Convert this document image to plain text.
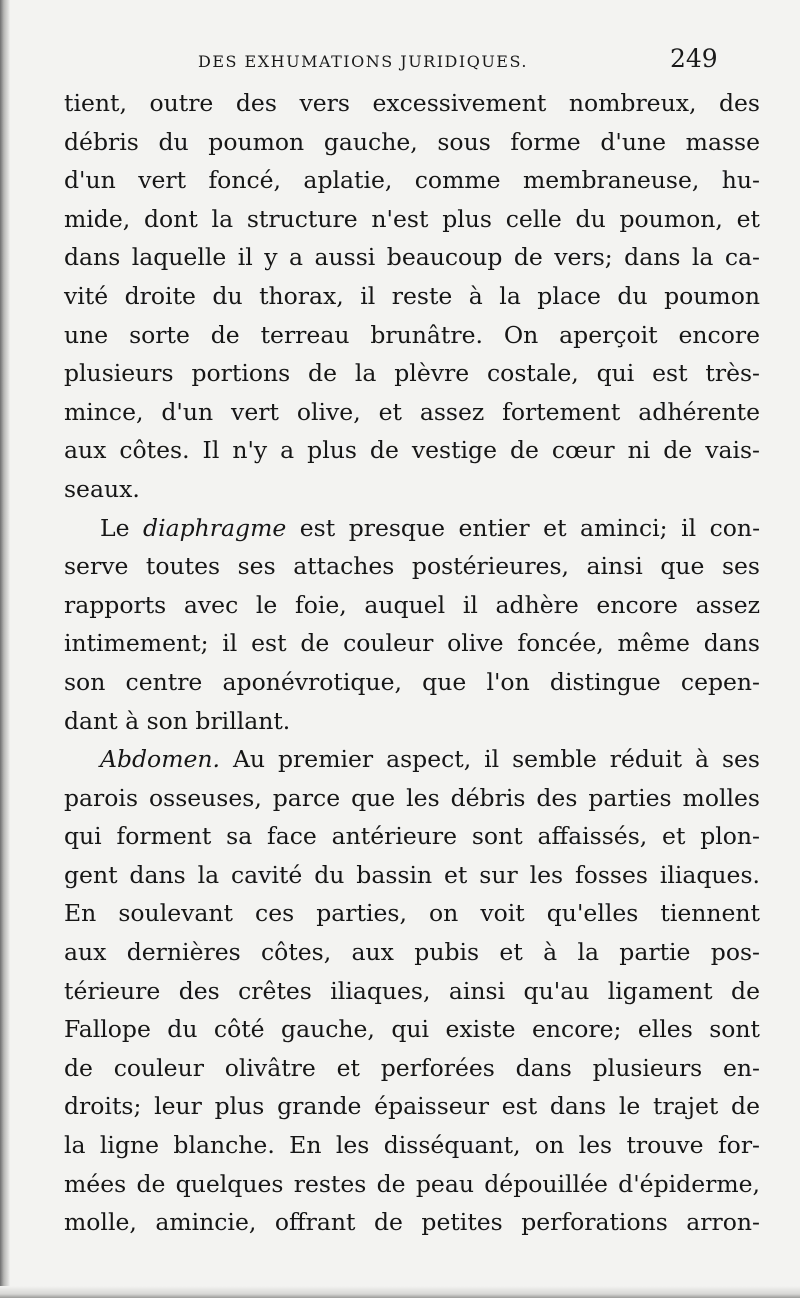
DES EXHUMATIONS JURIDIQUES.	249
tient, outre des vers excessivement nombreux, des
débris du poumon gauche, sous forme d'une masse
d'un vert foncé, aplatie, comme membraneuse, hu-
mide, dont la structure n'est plus celle du poumon, et
dans laquelle il y a aussi beaucoup de vers; dans la ca-
vité droite du thorax, il reste à la place du poumon
une sorte de terreau brunâtre. On aperçoit encore
plusieurs portions de la plèvre costale, qui est très-
mince, d'un vert olive, et assez fortement adhérente
aux côtes. Il n'y a plus de vestige de cœur ni de vais-
seaux.
Le diaphragme est presque entier et aminci; il con-
serve toutes ses attaches postérieures, ainsi que ses
rapports avec le foie, auquel il adhère encore assez
intimement; il est de couleur olive foncée, même dans
son centre aponévrotique, que l'on distingue cepen-
dant à son brillant.
Abdomen. Au premier aspect, il semble réduit à ses
parois osseuses, parce que les débris des parties molles
qui forment sa face antérieure sont affaissés, et plon-
gent dans la cavité du bassin et sur les fosses iliaques.
En soulevant ces parties, on voit qu'elles tiennent
aux dernières côtes, aux pubis et à la partie pos-
térieure des crêtes iliaques, ainsi qu'au ligament de
Fallope du côté gauche, qui existe encore; elles sont
de couleur olivâtre et perforées dans plusieurs en-
droits; leur plus grande épaisseur est dans le trajet de
la ligne blanche. En les disséquant, on les trouve for-
mées de quelques restes de peau dépouillée d'épiderme,
molle, amincie, offrant de petites perforations arron-
